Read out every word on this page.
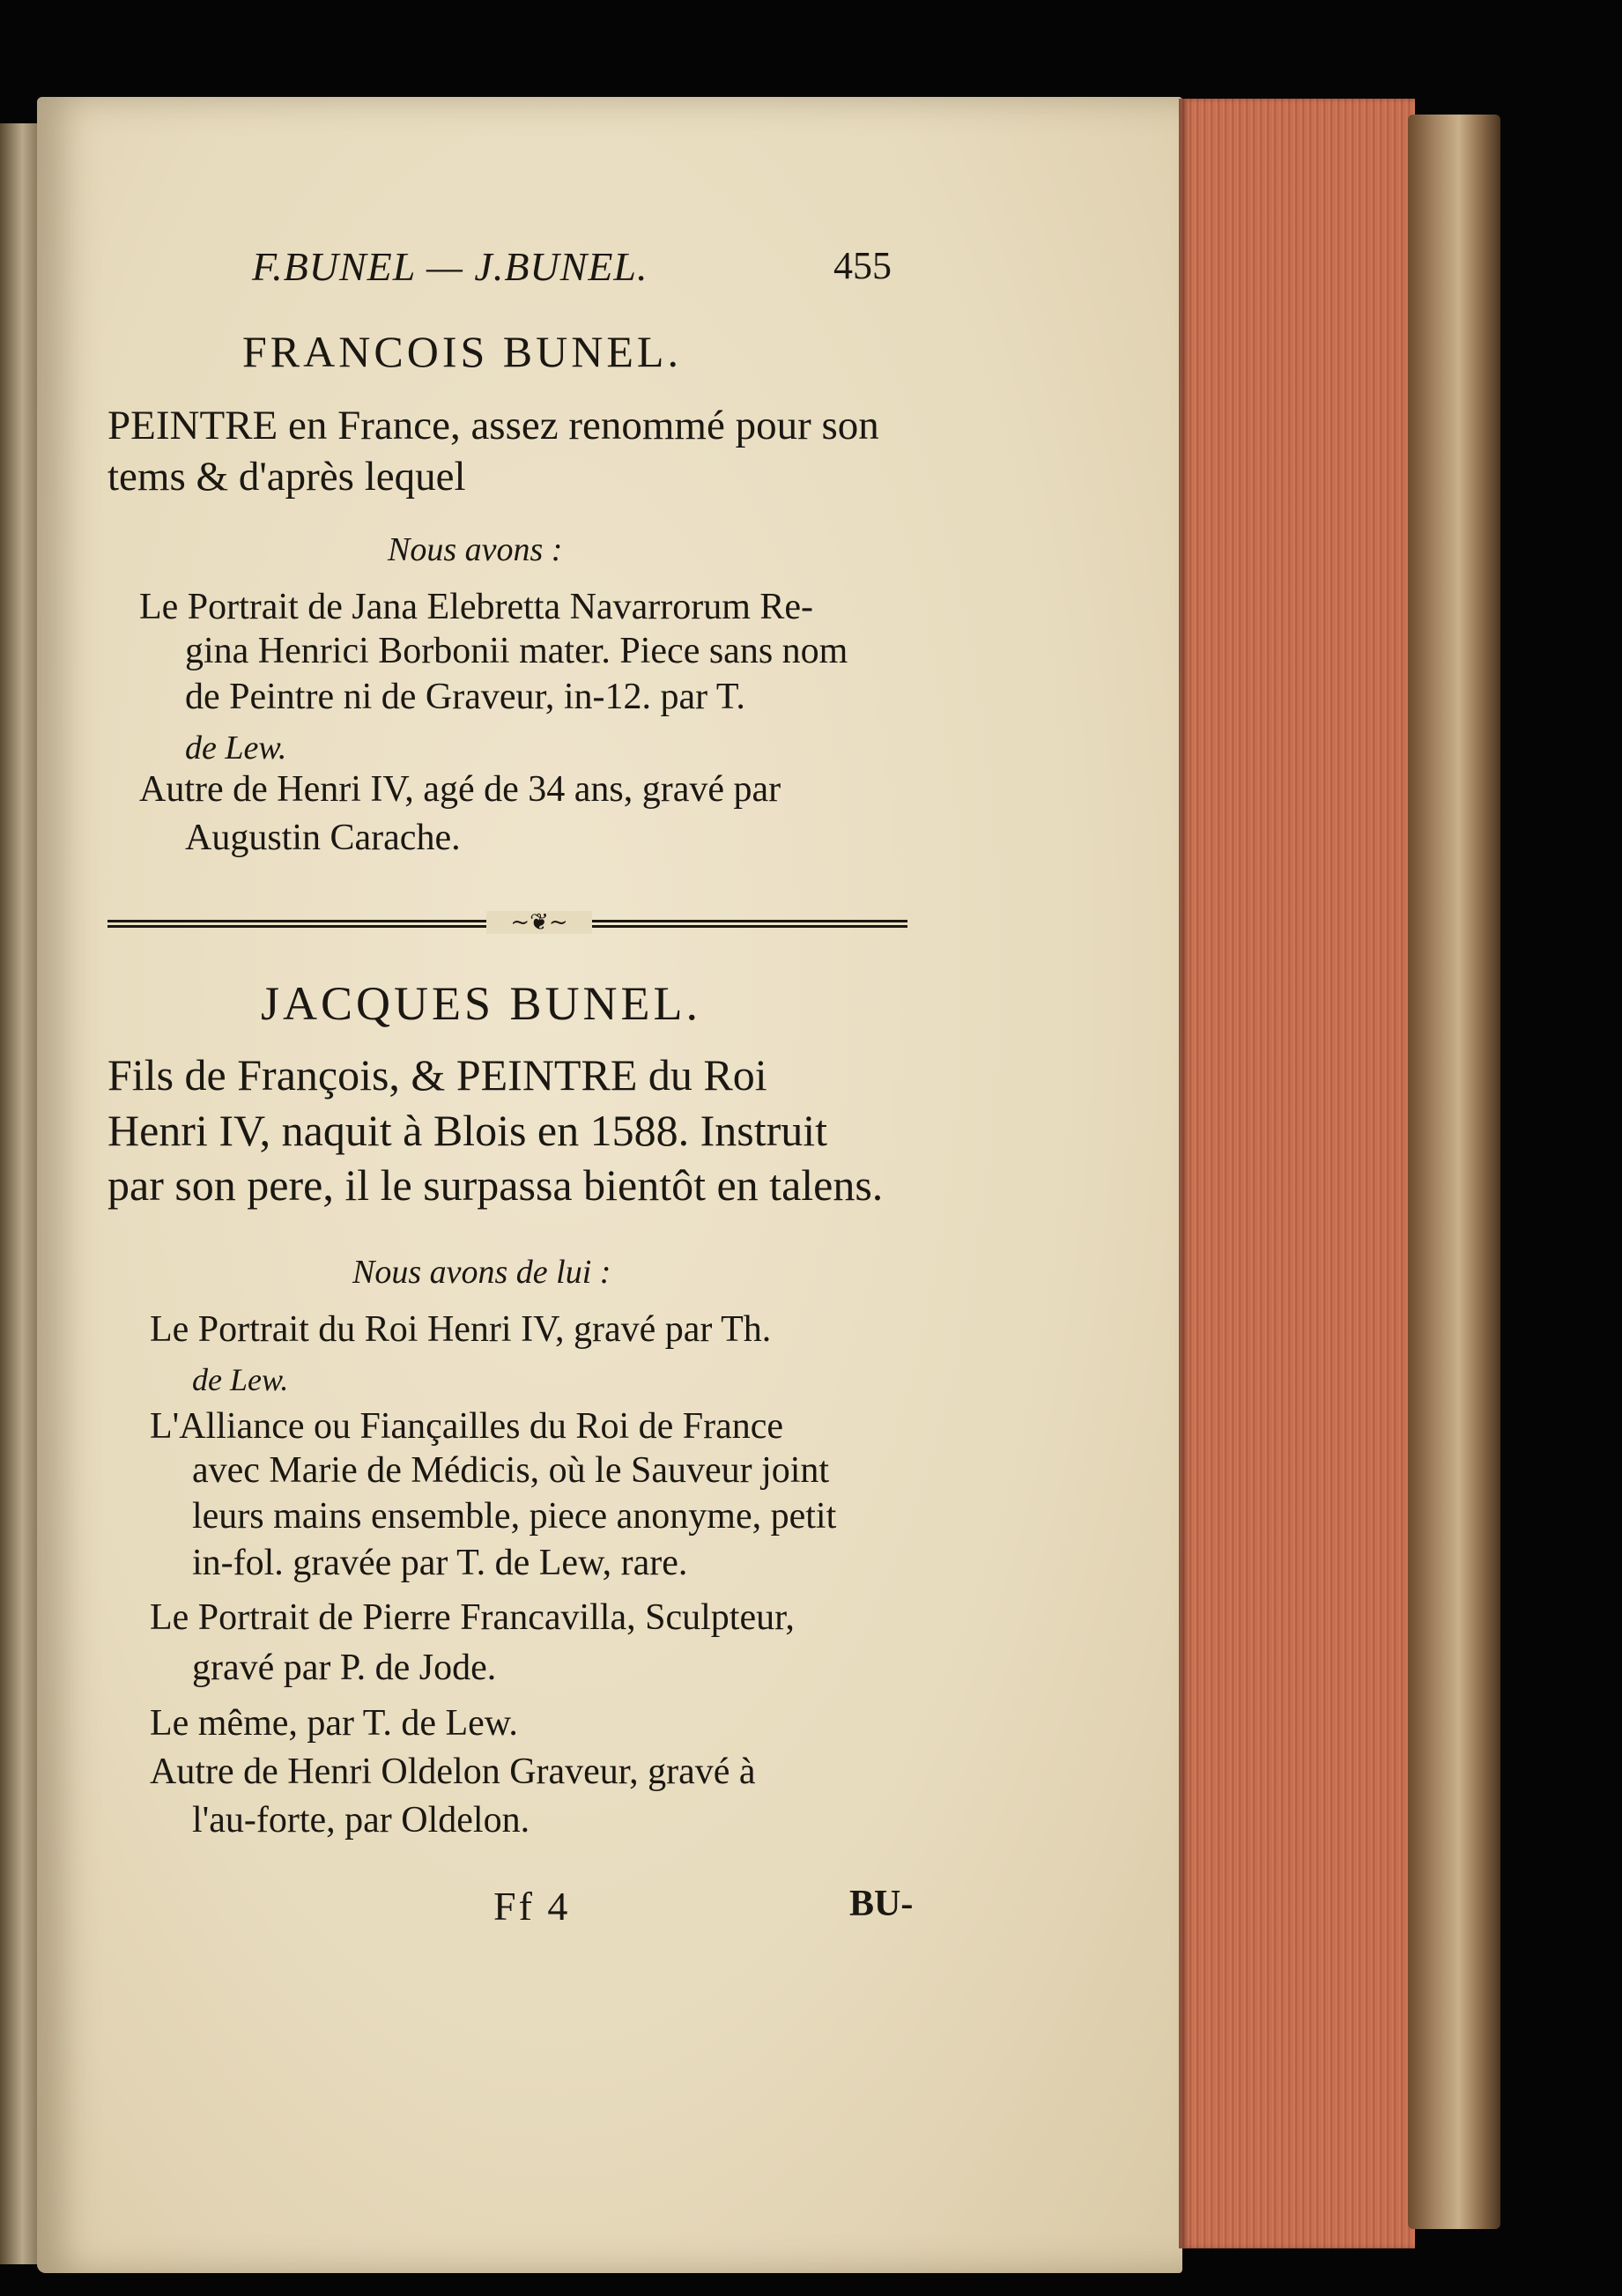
F.BUNEL — J.BUNEL.	455
FRANCOIS BUNEL.
PEINTRE en France, assez renommé pour son
tems & d'après lequel
Nous avons :
Le Portrait de Jana Elebretta Navarrorum Re-
gina Henrici Borbonii mater. Piece sans nom
de Peintre ni de Graveur, in-12. par T.
de Lew.
Autre de Henri IV, agé de 34 ans, gravé par
Augustin Carache.
~❦~
JACQUES BUNEL.
Fils de François, & PEINTRE du Roi
Henri IV, naquit à Blois en 1588. Instruit
par son pere, il le surpassa bientôt en talens.
Nous avons de lui :
Le Portrait du Roi Henri IV, gravé par Th.
de Lew.
L'Alliance ou Fiançailles du Roi de France
avec Marie de Médicis, où le Sauveur joint
leurs mains ensemble, piece anonyme, petit
in-fol. gravée par T. de Lew, rare.
Le Portrait de Pierre Francavilla, Sculpteur,
gravé par P. de Jode.
Le même, par T. de Lew.
Autre de Henri Oldelon Graveur, gravé à
l'au-forte, par Oldelon.
Ff 4	BU-
